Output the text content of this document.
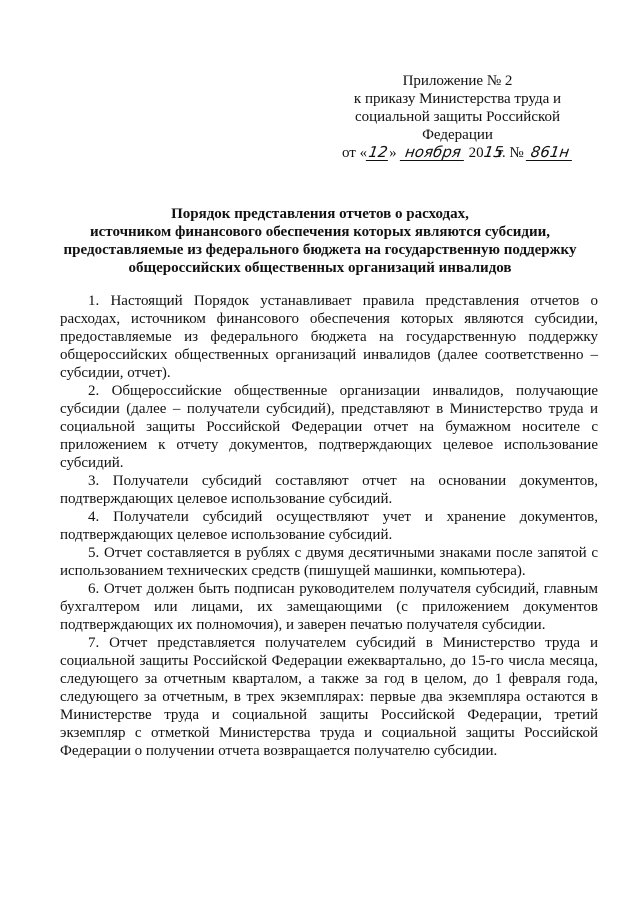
Приложение № 2
к приказу Министерства труда и
социальной защиты Российской
Федерации
от «12» ноября 2015 г. № 861н
Порядок представления отчетов о расходах,
источником финансового обеспечения которых являются субсидии,
предоставляемые из федерального бюджета на государственную поддержку
общероссийских общественных организаций инвалидов

1. Настоящий Порядок устанавливает правила представления отчетов о расходах, источником финансового обеспечения которых являются субсидии, предоставляемые из федерального бюджета на государственную поддержку общероссийских общественных организаций инвалидов (далее соответственно – субсидии, отчет).

2. Общероссийские общественные организации инвалидов, получающие субсидии (далее – получатели субсидий), представляют в Министерство труда и социальной защиты Российской Федерации отчет на бумажном носителе с приложением к отчету документов, подтверждающих целевое использование субсидий.

3. Получатели субсидий составляют отчет на основании документов, подтверждающих целевое использование субсидий.

4. Получатели субсидий осуществляют учет и хранение документов, подтверждающих целевое использование субсидий.

5. Отчет составляется в рублях с двумя десятичными знаками после запятой с использованием технических средств (пишущей машинки, компьютера).

6. Отчет должен быть подписан руководителем получателя субсидий, главным бухгалтером или лицами, их замещающими (с приложением документов подтверждающих их полномочия), и заверен печатью получателя субсидии.

7. Отчет представляется получателем субсидий в Министерство труда и социальной защиты Российской Федерации ежеквартально, до 15-го числа месяца, следующего за отчетным кварталом, а также за год в целом, до 1 февраля года, следующего за отчетным, в трех экземплярах: первые два экземпляра остаются в Министерстве труда и социальной защиты Российской Федерации, третий экземпляр с отметкой Министерства труда и социальной защиты Российской Федерации о получении отчета возвращается получателю субсидии.
